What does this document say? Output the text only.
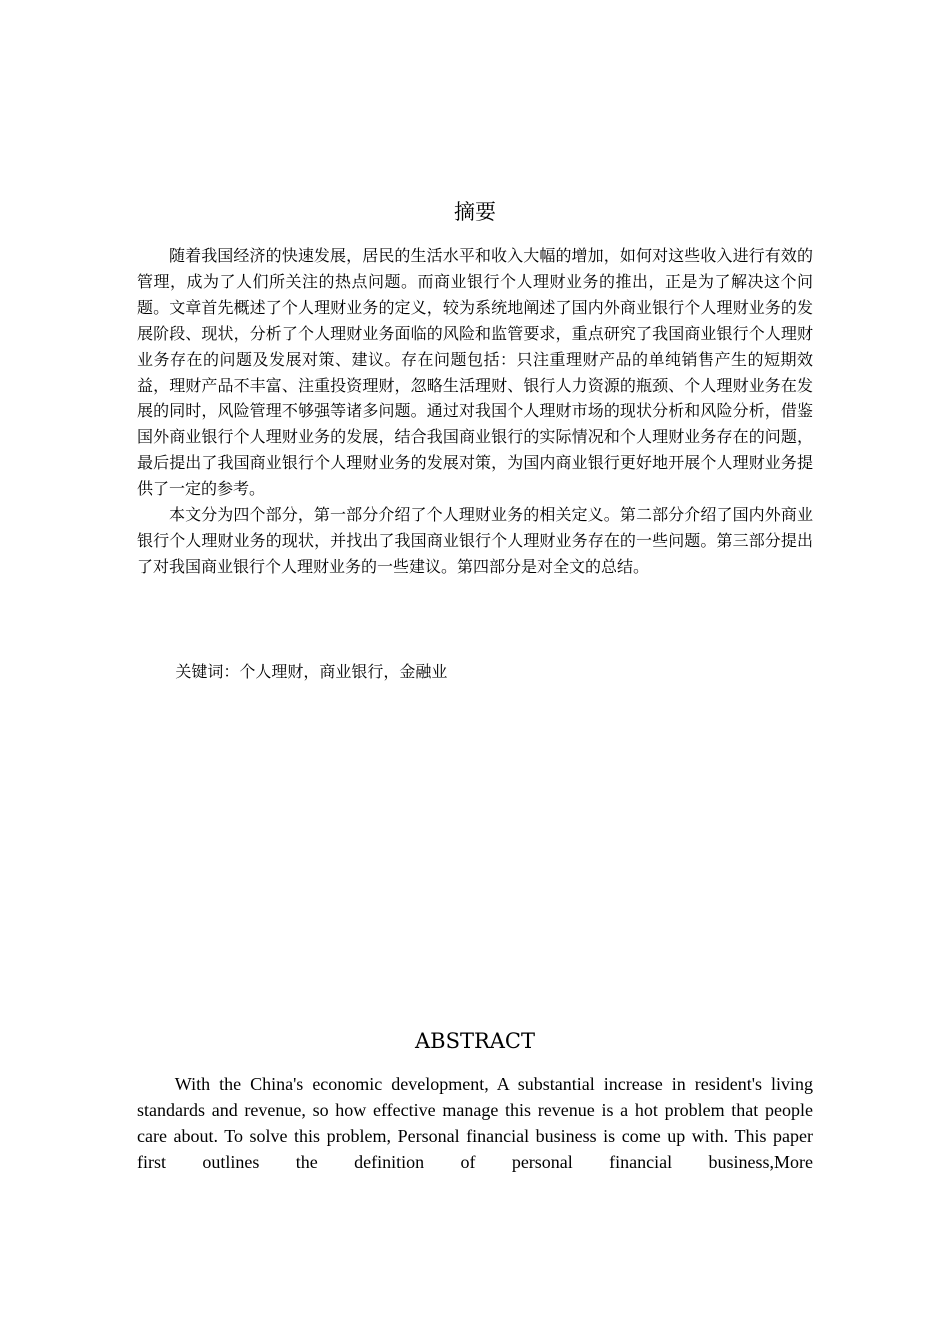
摘要

随着我国经济的快速发展，居民的生活水平和收入大幅的增加，如何对这些收入进行有效的管理，成为了人们所关注的热点问题。而商业银行个人理财业务的推出，正是为了解决这个问题。文章首先概述了个人理财业务的定义，较为系统地阐述了国内外商业银行个人理财业务的发展阶段、现状，分析了个人理财业务面临的风险和监管要求，重点研究了我国商业银行个人理财业务存在的问题及发展对策、建议。存在问题包括：只注重理财产品的单纯销售产生的短期效益，理财产品不丰富、注重投资理财，忽略生活理财、银行人力资源的瓶颈、个人理财业务在发展的同时，风险管理不够强等诸多问题。通过对我国个人理财市场的现状分析和风险分析，借鉴国外商业银行个人理财业务的发展，结合我国商业银行的实际情况和个人理财业务存在的问题，最后提出了我国商业银行个人理财业务的发展对策，为国内商业银行更好地开展个人理财业务提供了一定的参考。

本文分为四个部分，第一部分介绍了个人理财业务的相关定义。第二部分介绍了国内外商业银行个人理财业务的现状，并找出了我国商业银行个人理财业务存在的一些问题。第三部分提出了对我国商业银行个人理财业务的一些建议。第四部分是对全文的总结。

关键词：个人理财，商业银行，金融业
ABSTRACT

With the China's economic development, A substantial increase in resident's living standards and revenue, so how effective manage this revenue is a hot problem that people care about. To solve this problem, Personal financial business is come up with. This paper first outlines the definition of personal financial business,More
